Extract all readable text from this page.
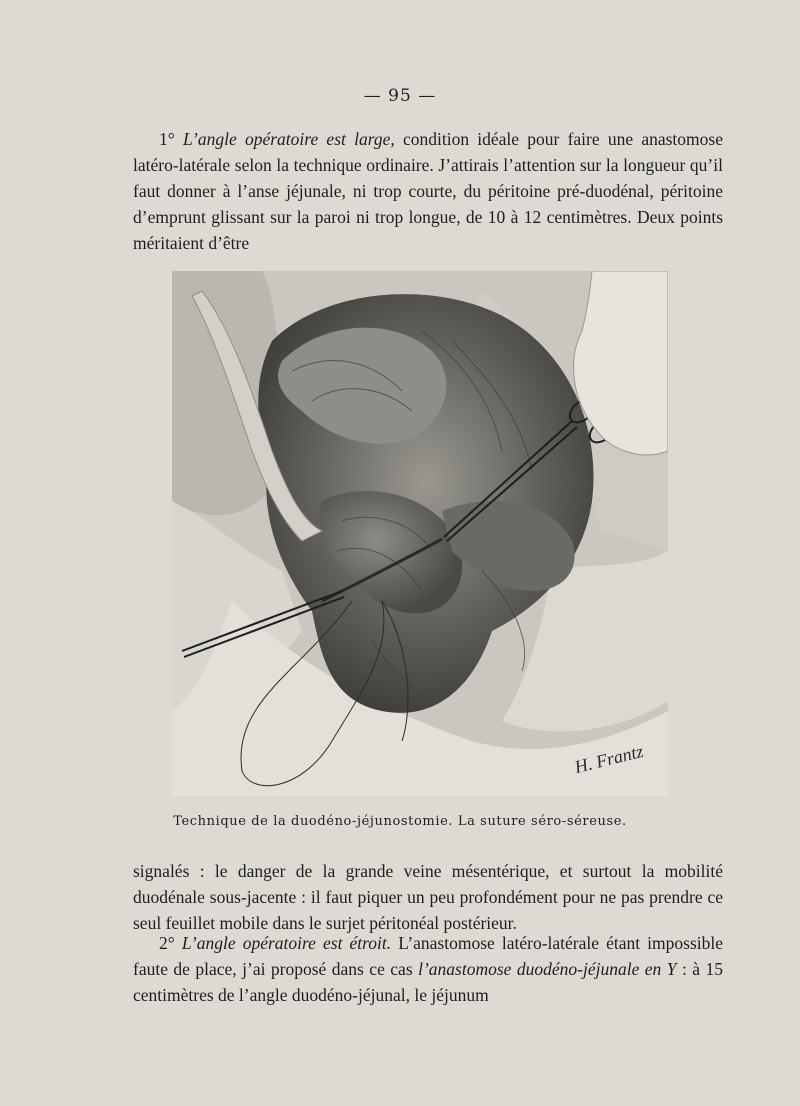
— 95 —

1° L’angle opératoire est large, condition idéale pour faire une anastomose latéro-latérale selon la technique ordinaire. J’attirais l’attention sur la longueur qu’il faut donner à l’anse jéjunale, ni trop courte, du péritoine pré-duodénal, péritoine d’emprunt glissant sur la paroi ni trop longue, de 10 à 12 centimètres. Deux points méritaient d’être

H. Frantz
Technique de la duodéno-jéjunostomie. La suture séro-séreuse.

signalés : le danger de la grande veine mésentérique, et surtout la mobilité duodénale sous-jacente : il faut piquer un peu profondément pour ne pas prendre ce seul feuillet mobile dans le surjet péritonéal postérieur.

2° L’angle opératoire est étroit. L’anastomose latéro-latérale étant impossible faute de place, j’ai proposé dans ce cas l’anastomose duodéno-jéjunale en Y : à 15 centimètres de l’angle duodéno-jéjunal, le jéjunum
